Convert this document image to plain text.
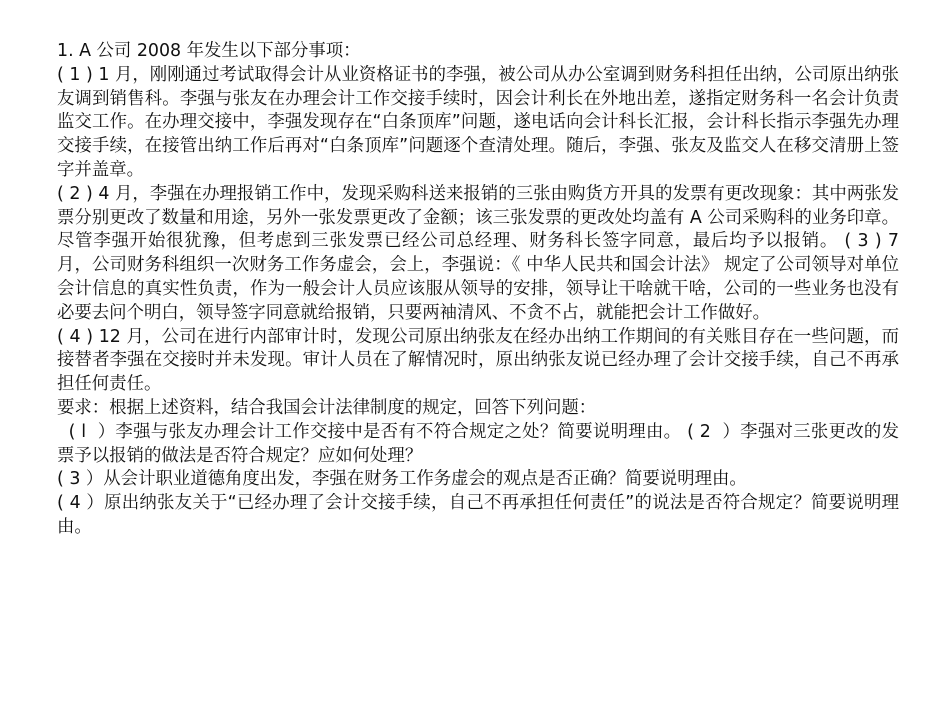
1. A 公司 2008 年发生以下部分事项：

( 1 ) 1 月，刚刚通过考试取得会计从业资格证书的李强，被公司从办公室调到财务科担任出纳，公司原出纳张友调到销售科。李强与张友在办理会计工作交接手续时，因会计利长在外地出差，遂指定财务科一名会计负责监交工作。在办理交接中，李强发现存在“白条顶库”问题，遂电话向会计科长汇报，会计科长指示李强先办理交接手续，在接管出纳工作后再对“白条顶库”问题逐个查清处理。随后，李强、张友及监交人在移交清册上签字并盖章。

( 2 ) 4 月，李强在办理报销工作中，发现采购科送来报销的三张由购货方开具的发票有更改现象：其中两张发票分别更改了数量和用途，另外一张发票更改了金额；该三张发票的更改处均盖有 A 公司采购科的业务印章。尽管李强开始很犹豫，但考虑到三张发票已经公司总经理、财务科长签字同意，最后均予以报销。 ( 3 ) 7 月，公司财务科组织一次财务工作务虚会，会上，李强说：《 中华人民共和国会计法》 规定了公司领导对单位会计信息的真实性负责，作为一般会计人员应该服从领导的安排，领导让干啥就干啥，公司的一些业务也没有必要去问个明白，领导签字同意就给报销，只要两袖清风、不贪不占，就能把会计工作做好。

( 4 ) 12 月，公司在进行内部审计时，发现公司原出纳张友在经办出纳工作期间的有关账目存在一些问题，而接替者李强在交接时并未发现。审计人员在了解情况时，原出纳张友说已经办理了会计交接手续，自己不再承担任何责任。

要求：根据上述资料，结合我国会计法律制度的规定，回答下列问题：

( l  ）李强与张友办理会计工作交接中是否有不符合规定之处？简要说明理由。 ( 2  ）李强对三张更改的发票予以报销的做法是否符合规定？应如何处理？

( 3 ）从会计职业道德角度出发，李强在财务工作务虚会的观点是否正确？简要说明理由。

( 4 ）原出纳张友关于“已经办理了会计交接手续，自己不再承担任何责任”的说法是否符合规定？简要说明理由。
